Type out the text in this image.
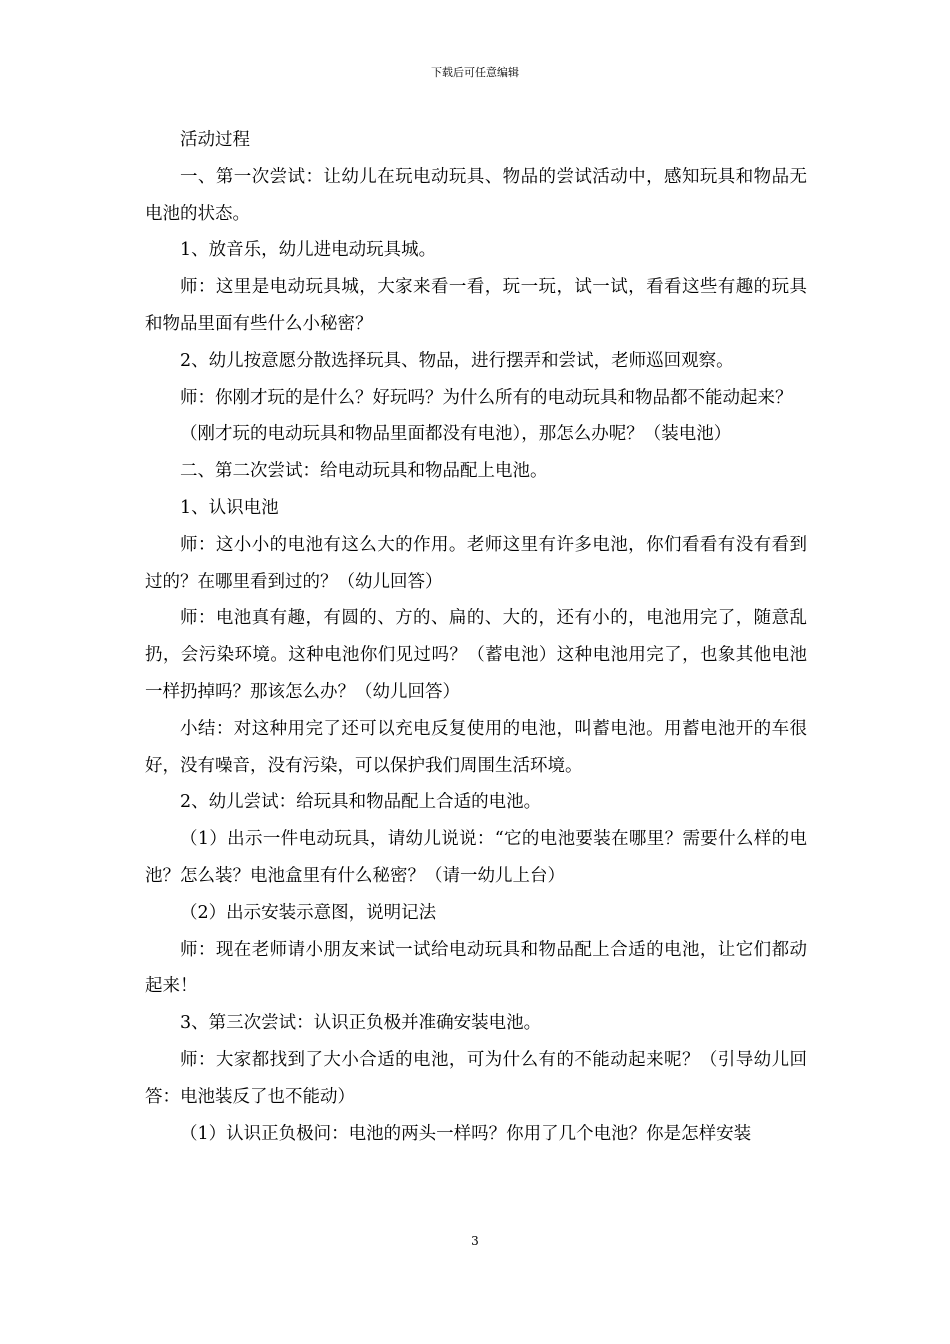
下载后可任意编辑

活动过程

一、第一次尝试：让幼儿在玩电动玩具、物品的尝试活动中，感知玩具和物品无电池的状态。

1、放音乐，幼儿进电动玩具城。

师：这里是电动玩具城，大家来看一看，玩一玩，试一试，看看这些有趣的玩具和物品里面有些什么小秘密？

2、幼儿按意愿分散选择玩具、物品，进行摆弄和尝试，老师巡回观察。

师：你刚才玩的是什么？好玩吗？为什么所有的电动玩具和物品都不能动起来？

（刚才玩的电动玩具和物品里面都没有电池），那怎么办呢？（装电池）

二、第二次尝试：给电动玩具和物品配上电池。

1、认识电池

师：这小小的电池有这么大的作用。老师这里有许多电池，你们看看有没有看到过的？在哪里看到过的？（幼儿回答）

师：电池真有趣，有圆的、方的、扁的、大的，还有小的，电池用完了，随意乱扔，会污染环境。这种电池你们见过吗？（蓄电池）这种电池用完了，也象其他电池一样扔掉吗？那该怎么办？（幼儿回答）

小结：对这种用完了还可以充电反复使用的电池，叫蓄电池。用蓄电池开的车很好，没有噪音，没有污染，可以保护我们周围生活环境。

2、幼儿尝试：给玩具和物品配上合适的电池。

（1）出示一件电动玩具，请幼儿说说：“它的电池要装在哪里？需要什么样的电池？怎么装？电池盒里有什么秘密？（请一幼儿上台）

（2）出示安装示意图，说明记法

师：现在老师请小朋友来试一试给电动玩具和物品配上合适的电池，让它们都动起来！

3、第三次尝试：认识正负极并准确安装电池。

师：大家都找到了大小合适的电池，可为什么有的不能动起来呢？（引导幼儿回答：电池装反了也不能动）

（1）认识正负极问：电池的两头一样吗？你用了几个电池？你是怎样安装

3
